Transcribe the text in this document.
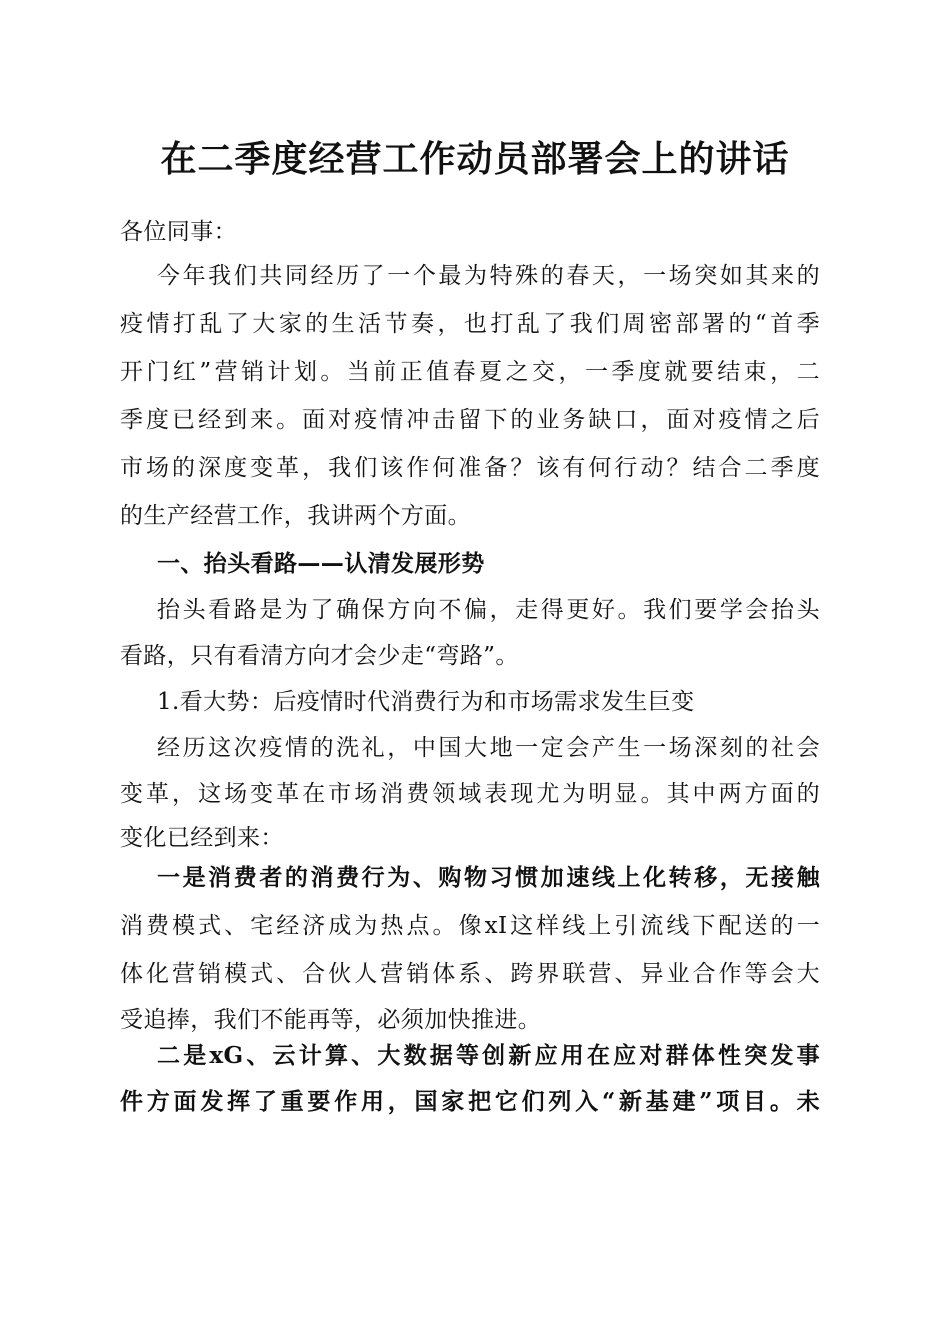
在二季度经营工作动员部署会上的讲话
各位同事：
今年我们共同经历了一个最为特殊的春天，一场突如其来的
疫情打乱了大家的生活节奏，也打乱了我们周密部署的“首季
开门红”营销计划。当前正值春夏之交，一季度就要结束，二
季度已经到来。面对疫情冲击留下的业务缺口，面对疫情之后
市场的深度变革，我们该作何准备？该有何行动？结合二季度
的生产经营工作，我讲两个方面。
一、抬头看路——认清发展形势
抬头看路是为了确保方向不偏，走得更好。我们要学会抬头
看路，只有看清方向才会少走“弯路”。
1.看大势：后疫情时代消费行为和市场需求发生巨变
经历这次疫情的洗礼，中国大地一定会产生一场深刻的社会
变革，这场变革在市场消费领域表现尤为明显。其中两方面的
变化已经到来：
一是消费者的消费行为、购物习惯加速线上化转移，无接触
消费模式、宅经济成为热点。像xI这样线上引流线下配送的一
体化营销模式、合伙人营销体系、跨界联营、异业合作等会大
受追捧，我们不能再等，必须加快推进。
二是xG、云计算、大数据等创新应用在应对群体性突发事
件方面发挥了重要作用，国家把它们列入“新基建”项目。未
